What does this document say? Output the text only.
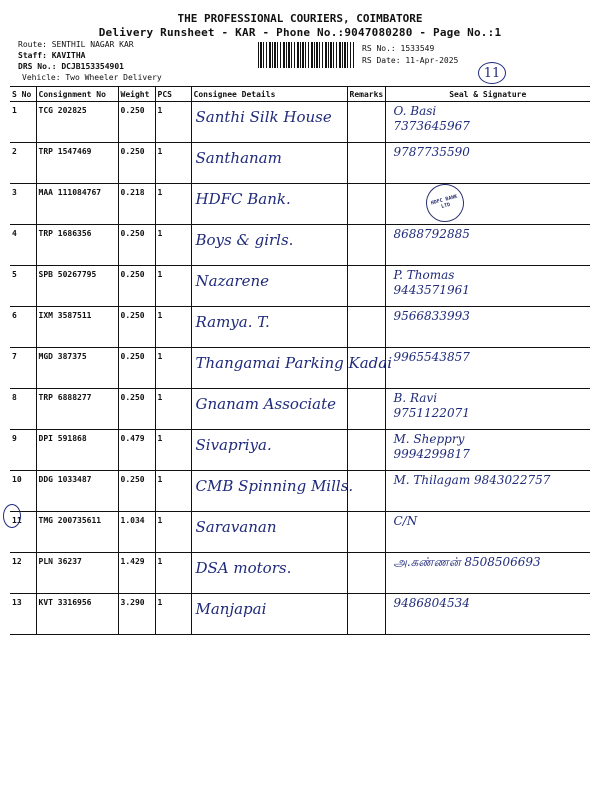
THE PROFESSIONAL COURIERS, COIMBATORE
Delivery Runsheet - KAR - Phone No.:9047080280 - Page No.:1
Route: SENTHIL NAGAR KAR
Staff: KAVITHA
DRS No.: DCJB153354901
Vehicle: Two Wheeler Delivery
RS No.: 1533549
RS Date: 11-Apr-2025
11
S No	Consignment No	Weight	PCS	Consignee Details	Remarks	Seal & Signature
1	TCG 202825	0.250	1	Santhi Silk House		O. Basi
7373645967

2	TRP 1547469	0.250	1	Santhanam		9787735590

3	MAA 111084767	0.218	1	HDFC Bank.		HDFC BANK LTD

4	TRP 1686356	0.250	1	Boys & girls.		8688792885

5	SPB 50267795	0.250	1	Nazarene		P. Thomas
9443571961

6	IXM 3587511	0.250	1	Ramya. T.		9566833993

7	MGD 387375	0.250	1	Thangamai Parking Kadai		9965543857

8	TRP 6888277	0.250	1	Gnanam Associate		B. Ravi
9751122071

9	DPI 591868	0.479	1	Sivapriya.		M. Sheppry
9994299817

10	DDG 1033487	0.250	1	CMB Spinning Mills.		M. Thilagam 9843022757

11	TMG 200735611	1.034	1	Saravanan		C/N

12	PLN 36237	1.429	1	DSA motors.		அ.கண்ணன் 8508506693

13	KVT 3316956	3.290	1	Manjapai		9486804534
